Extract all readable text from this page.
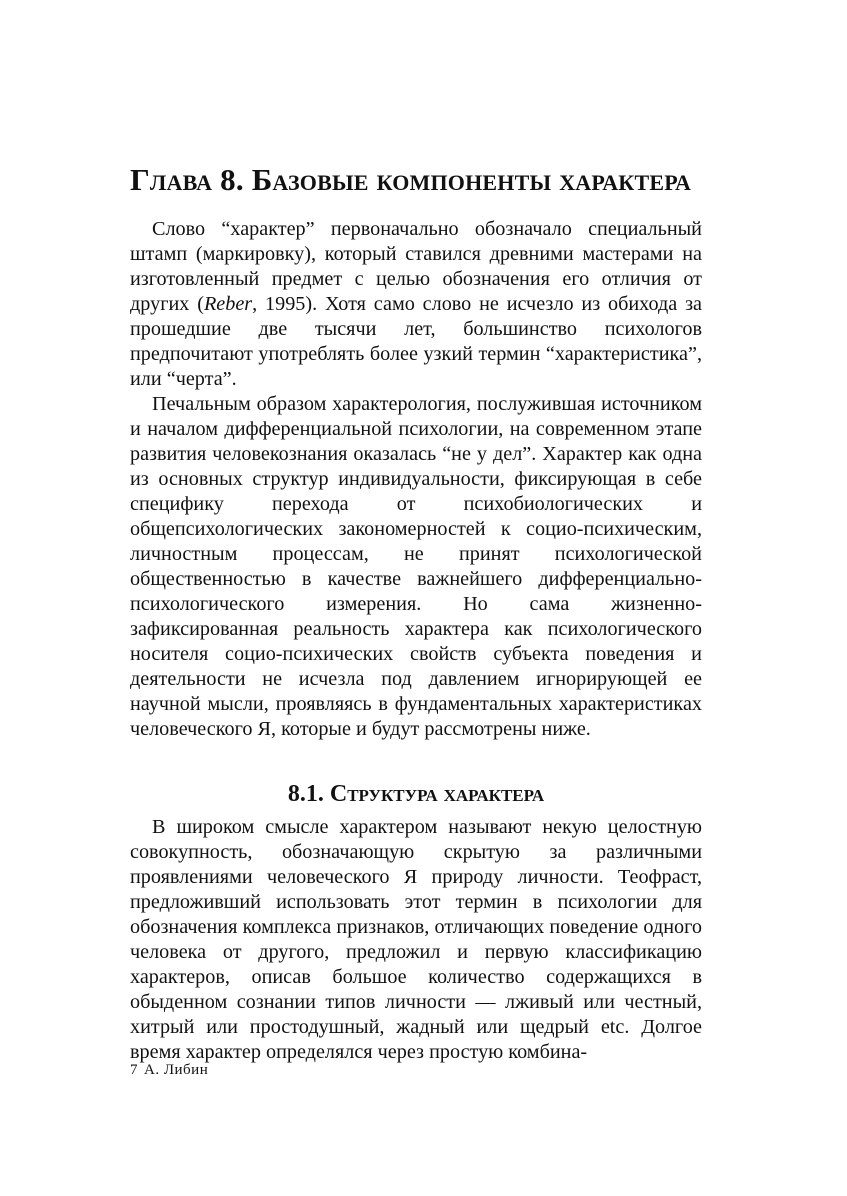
Глава 8. Базовые компоненты характера

Слово “характер” первоначально обозначало специальный штамп (маркировку), который ставился древними мастерами на изготовленный предмет с целью обозначения его отличия от других (Reber, 1995). Хотя само слово не исчезло из обихода за прошедшие две тысячи лет, большинство психологов предпочитают употреблять более узкий термин “характеристика”, или “черта”.

Печальным образом характерология, послужившая источником и началом дифференциальной психологии, на современном этапе развития человекознания оказалась “не у дел”. Характер как одна из основных структур индивидуальности, фиксирующая в себе специфику перехода от психобиологических и общепсихологических закономерностей к социо-психическим, личностным процессам, не принят психологической общественностью в качестве важнейшего дифференциально-психологического измерения. Но сама жизненно-зафиксированная реальность характера как психологического носителя социо-психических свойств субъекта поведения и деятельности не исчезла под давлением игнорирующей ее научной мысли, проявляясь в фундаментальных характеристиках человеческого Я, которые и будут рассмотрены ниже.

8.1. Структура характера

В широком смысле характером называют некую целостную совокупность, обозначающую скрытую за различными проявлениями человеческого Я природу личности. Теофраст, предложивший использовать этот термин в психологии для обозначения комплекса признаков, отличающих поведение одного человека от другого, предложил и первую классификацию характеров, описав большое количество содержащихся в обыденном сознании типов личности — лживый или честный, хитрый или простодушный, жадный или щедрый etc. Долгое время характер определялся через простую комбина-

7 А. Либин
